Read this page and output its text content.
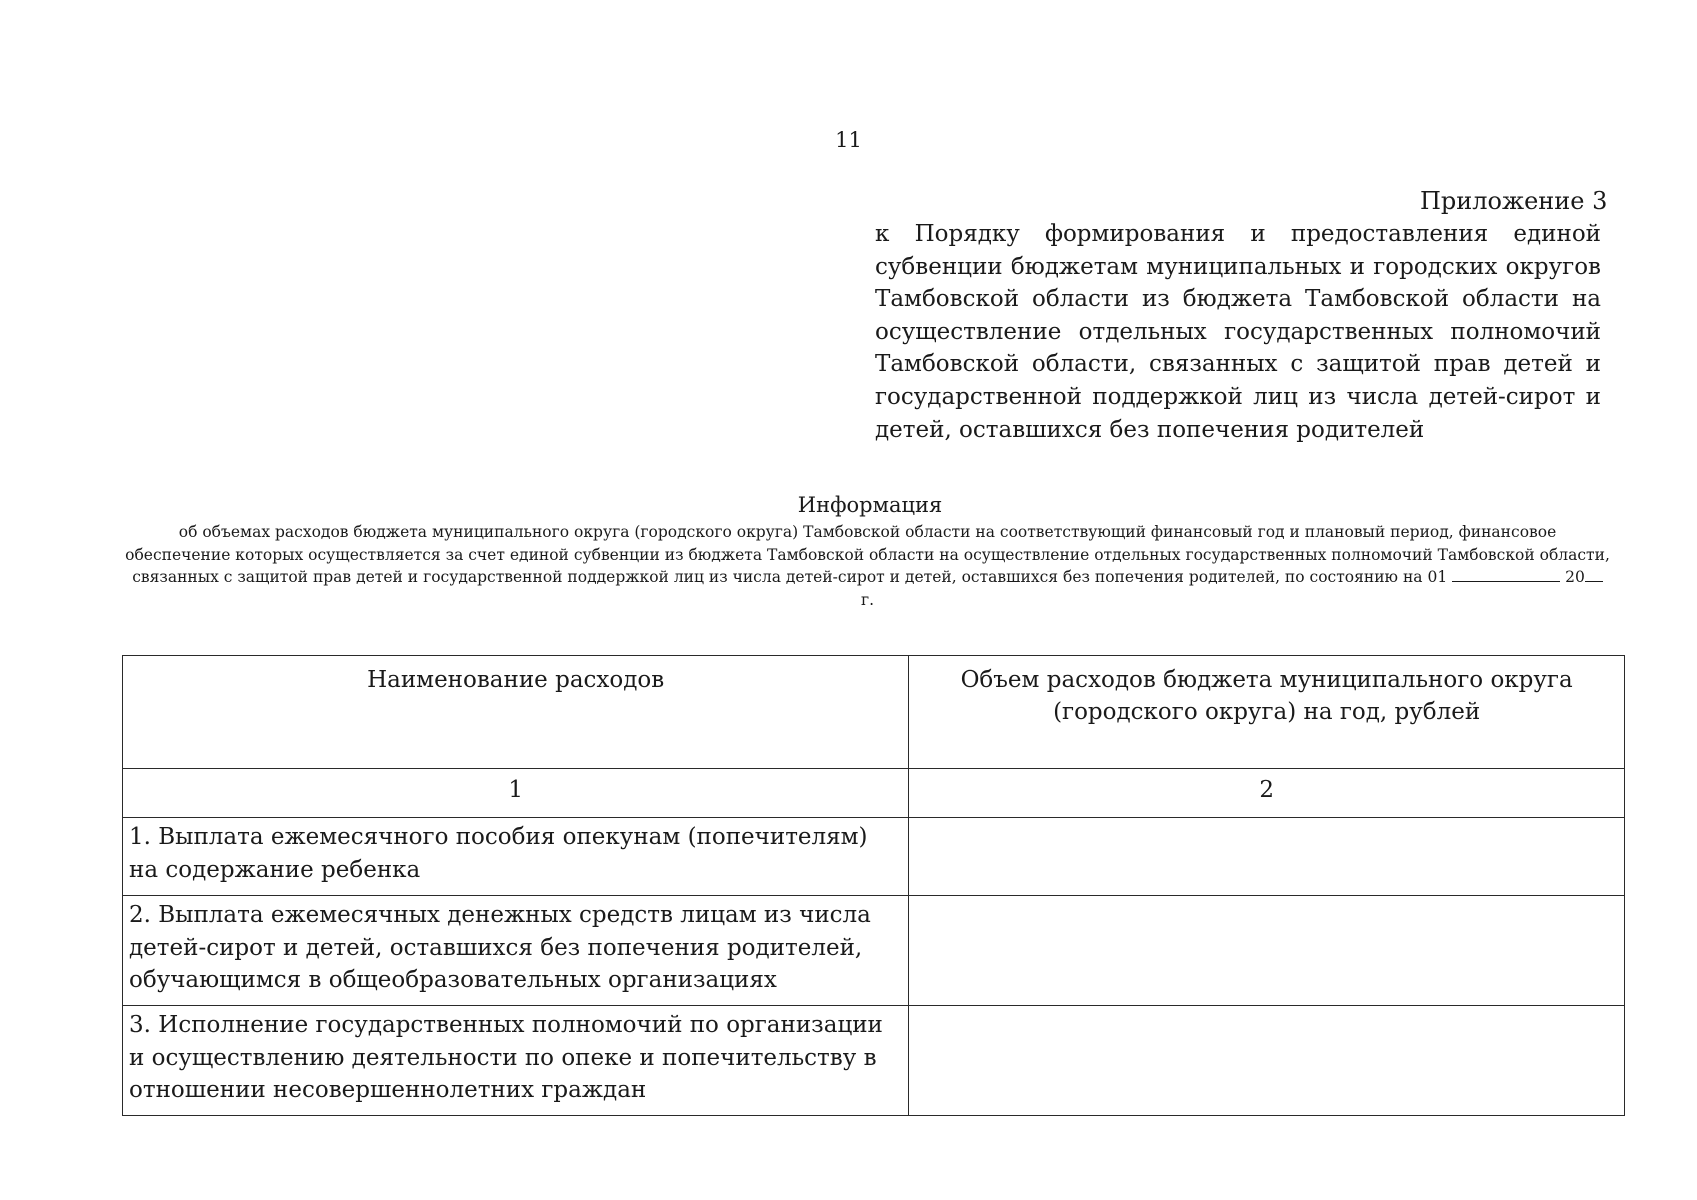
11
Приложение 3
к Порядку формирования и предоставления единой субвенции бюджетам муниципальных и городских округов Тамбовской области из бюджета Тамбовской области на осуществление отдельных государственных полномочий Тамбовской области, связанных с защитой прав детей и государственной поддержкой лиц из числа детей-сирот и детей, оставшихся без попечения родителей
Информация
об объемах расходов бюджета муниципального округа (городского округа) Тамбовской области на соответствующий финансовый год и плановый период, финансовое обеспечение которых осуществляется за счет единой субвенции из бюджета Тамбовской области на осуществление отдельных государственных полномочий Тамбовской области, связанных с защитой прав детей и государственной поддержкой лиц из числа детей-сирот и детей, оставшихся без попечения родителей, по состоянию на 01	20 г.
Наименование расходов	Объем расходов бюджета муниципального округа (городского округа) на год, рублей
1	2
1. Выплата ежемесячного пособия опекунам (попечителям) на содержание ребенка	
2. Выплата ежемесячных денежных средств лицам из числа детей-сирот и детей, оставшихся без попечения родителей, обучающимся в общеобразовательных организациях	
3. Исполнение государственных полномочий по организации и осуществлению деятельности по опеке и попечительству в отношении несовершеннолетних граждан	
